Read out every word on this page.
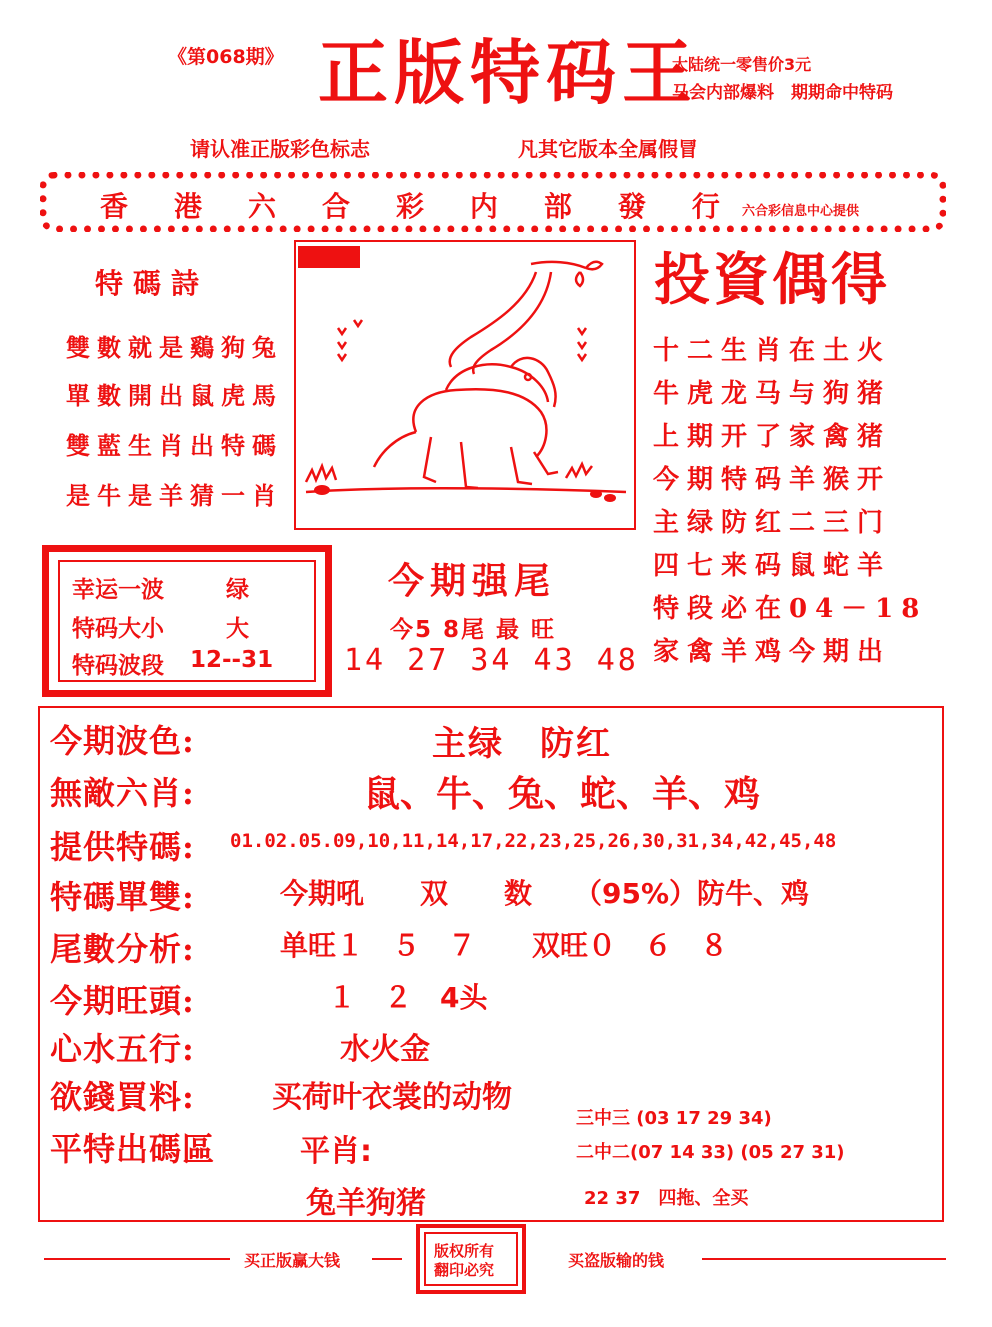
《第068期》 正版特码王
大陆统一零售价3元
马会内部爆料　期期命中特码
请认准正版彩色标志	凡其它版本全属假冒
香 港 六 合 彩 内 部 發 行 六合彩信息中心提供
特碼詩
雙數就是鷄狗兔
單數開出鼠虎馬
雙藍生肖出特碼
是牛是羊猜一肖
投資偶得
十二生肖在土火
牛虎龙马与狗猪
上期开了家禽猪
今期特码羊猴开
主绿防红二三门
四七来码鼠蛇羊
特段必在04－18
家禽羊鸡今期出
幸运一波	绿
特码大小	大
特码波段 12--31
今期强尾
今5 8尾 最 旺
14 27 34 43 48
今期波色:	主绿　防红
無敵六肖:	鼠、牛、兔、蛇、羊、鸡
提供特碼: 01.02.05.09,10,11,14,17,22,23,25,26,30,31,34,42,45,48
特碼單雙:	今期吼　　双　　数　　（95%）防牛、鸡
尾數分析:	单旺１　５　７　　双旺０　６　８
今期旺頭:	１　２　4头
心水五行:	水火金
欲錢買料:	买荷叶衣裳的动物
平特出碼區	平肖:
兔羊狗猪
三中三 (03 17 29 34)
二中二(07 14 33) (05 27 31)
22 37　四拖、全买
买正版赢大钱	买盗版输的钱
版权所有
翻印必究
